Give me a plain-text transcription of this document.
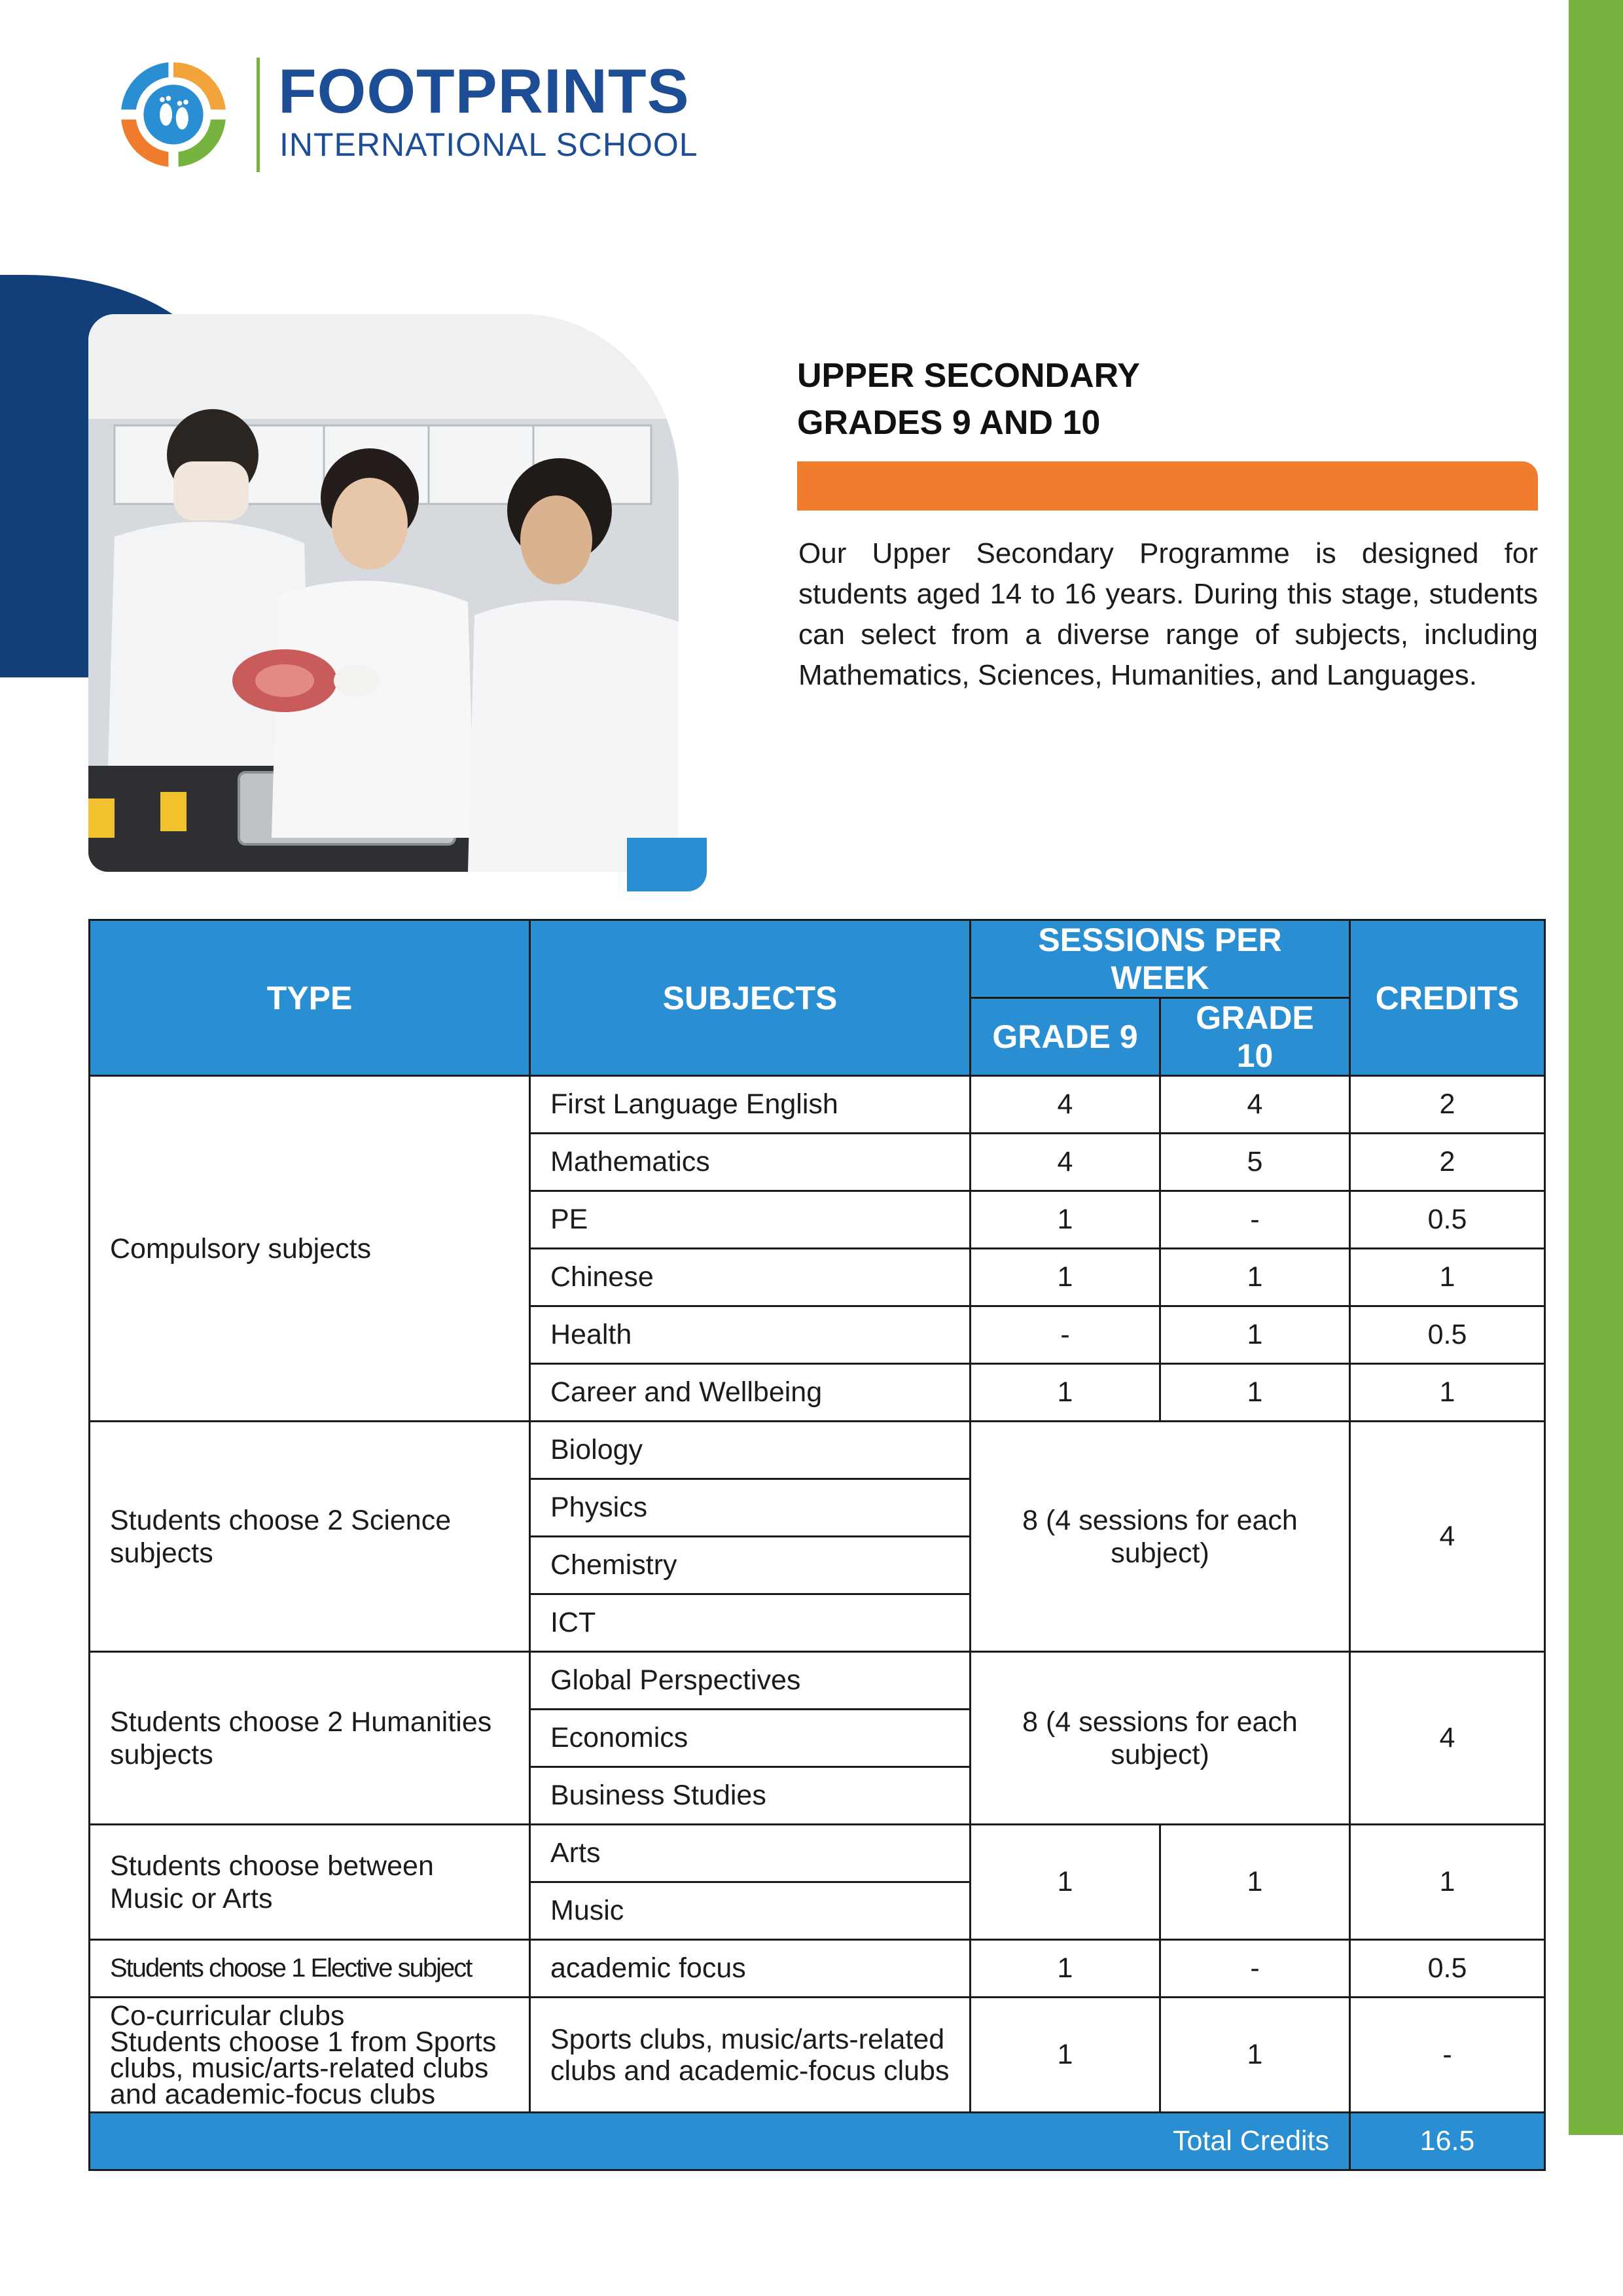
FOOTPRINTS
INTERNATIONAL SCHOOL
UPPER SECONDARY
GRADES 9 AND 10
Our Upper Secondary Programme is designed for students aged 14 to 16 years. During this stage, students can select from a diverse range of subjects, including Mathematics, Sciences, Humanities, and Languages.
TYPE	SUBJECTS	SESSIONS PER WEEK		CREDITS
		GRADE 9	GRADE 10	
Compulsory subjects	First Language English	4	4	2
	Mathematics	4	5	2
	PE	1	-	0.5
	Chinese	1	1	1
	Health	-	1	0.5
	Career and Wellbeing	1	1	1
Students choose 2 Science subjects	Biology	8 (4 sessions for each subject)		4
	Physics			
	Chemistry			
	ICT			
Students choose 2 Humanities subjects	Global Perspectives	8 (4 sessions for each subject)		4
	Economics			
	Business Studies			
Students choose between Music or Arts	Arts	1	1	1
	Music			
Students choose 1 Elective subject	academic focus	1	-	0.5

Co-curricular clubs
Students choose 1 from Sports clubs, music/arts-related clubs and academic-focus clubs	Sports clubs, music/arts-related clubs and academic-focus clubs	1	1	-
Total Credits				16.5
